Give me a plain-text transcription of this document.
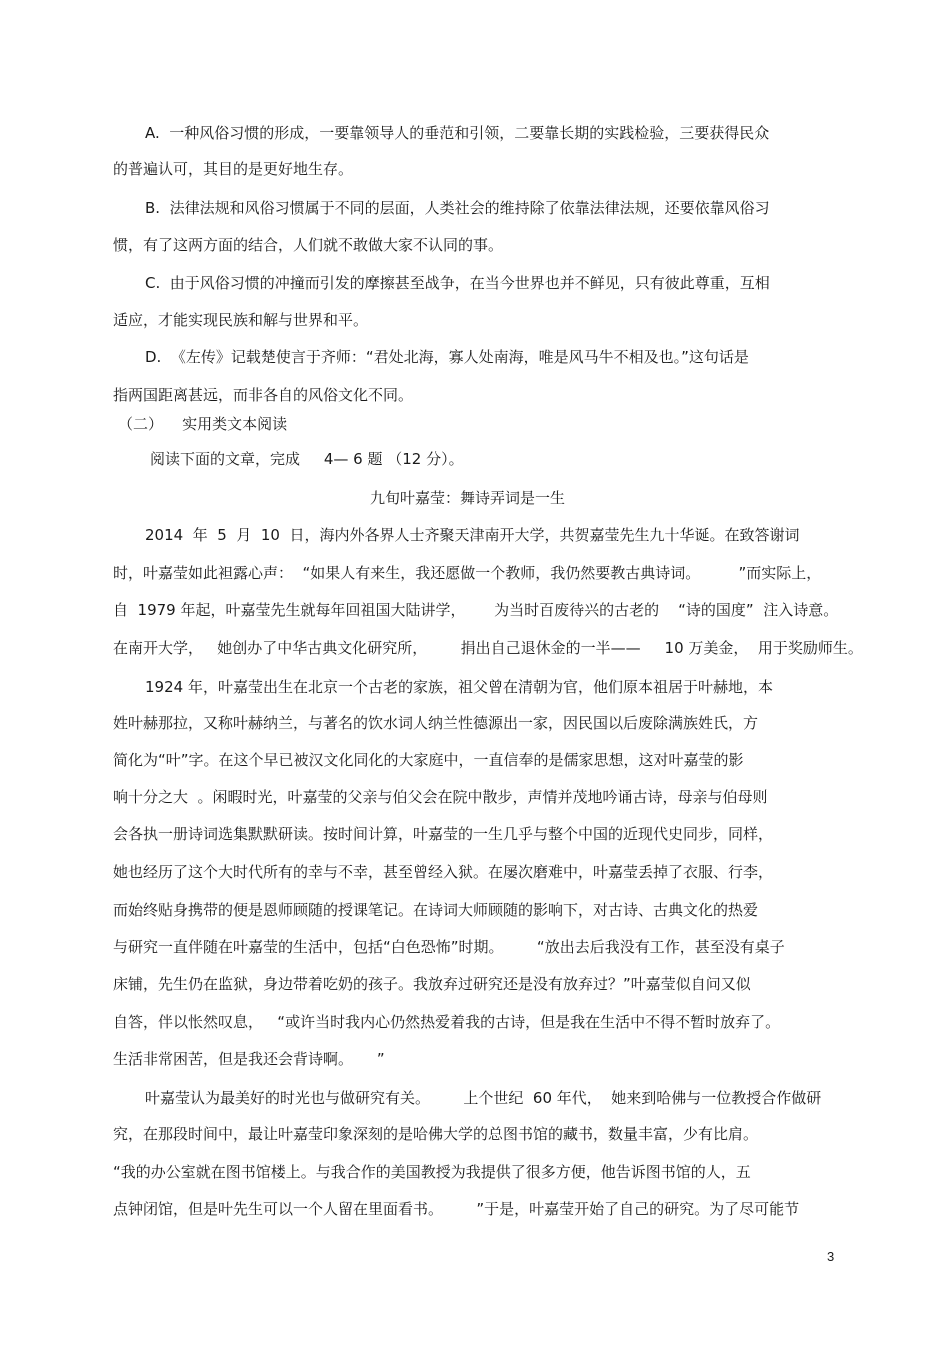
A.  一种风俗习惯的形成，一要靠领导人的垂范和引领，二要靠长期的实践检验，三要获得民众
的普遍认可，其目的是更好地生存。
B.  法律法规和风俗习惯属于不同的层面，人类社会的维持除了依靠法律法规，还要依靠风俗习
惯，有了这两方面的结合，人们就不敢做大家不认同的事。
C.  由于风俗习惯的冲撞而引发的摩擦甚至战争，在当今世界也并不鲜见，只有彼此尊重，互相
适应，才能实现民族和解与世界和平。
D.  《左传》记载楚使言于齐师：“君处北海，寡人处南海，唯是风马牛不相及也。”这句话是
指两国距离甚远，而非各自的风俗文化不同。
（二）    实用类文本阅读
阅读下面的文章，完成     4— 6 题 （12 分）。
九旬叶嘉莹：舞诗弄词是一生
2014  年  5  月  10  日，海内外各界人士齐聚天津南开大学，共贺嘉莹先生九十华诞。在致答谢词
时，叶嘉莹如此袒露心声：  “如果人有来生，我还愿做一个教师，我仍然要教古典诗词。        ”而实际上，
自  1979 年起，叶嘉莹先生就每年回祖国大陆讲学，      为当时百废待兴的古老的    “诗的国度”  注入诗意。
在南开大学，   她创办了中华古典文化研究所，       捐出自己退休金的一半——     10 万美金，  用于奖励师生。
1924 年，叶嘉莹出生在北京一个古老的家族，祖父曾在清朝为官，他们原本祖居于叶赫地，本
姓叶赫那拉，又称叶赫纳兰，与著名的饮水词人纳兰性德源出一家，因民国以后废除满族姓氏，方
简化为“叶”字。在这个早已被汉文化同化的大家庭中，一直信奉的是儒家思想，这对叶嘉莹的影
响十分之大  。闲暇时光，叶嘉莹的父亲与伯父会在院中散步，声情并茂地吟诵古诗，母亲与伯母则
会各执一册诗词选集默默研读。按时间计算，叶嘉莹的一生几乎与整个中国的近现代史同步，同样，
她也经历了这个大时代所有的幸与不幸，甚至曾经入狱。在屡次磨难中，叶嘉莹丢掉了衣服、行李，
而始终贴身携带的便是恩师顾随的授课笔记。在诗词大师顾随的影响下，对古诗、古典文化的热爱
与研究一直伴随在叶嘉莹的生活中，包括“白色恐怖”时期。       “放出去后我没有工作，甚至没有桌子
床铺，先生仍在监狱，身边带着吃奶的孩子。我放弃过研究还是没有放弃过？”叶嘉莹似自问又似
自答，伴以怅然叹息，   “或许当时我内心仍然热爱着我的古诗，但是我在生活中不得不暂时放弃了。
生活非常困苦，但是我还会背诗啊。     ”
叶嘉莹认为最美好的时光也与做研究有关。       上个世纪  60 年代，  她来到哈佛与一位教授合作做研
究，在那段时间中，最让叶嘉莹印象深刻的是哈佛大学的总图书馆的藏书，数量丰富，少有比肩。
“我的办公室就在图书馆楼上。与我合作的美国教授为我提供了很多方便，他告诉图书馆的人，五
点钟闭馆，但是叶先生可以一个人留在里面看书。       ”于是，叶嘉莹开始了自己的研究。为了尽可能节
3
